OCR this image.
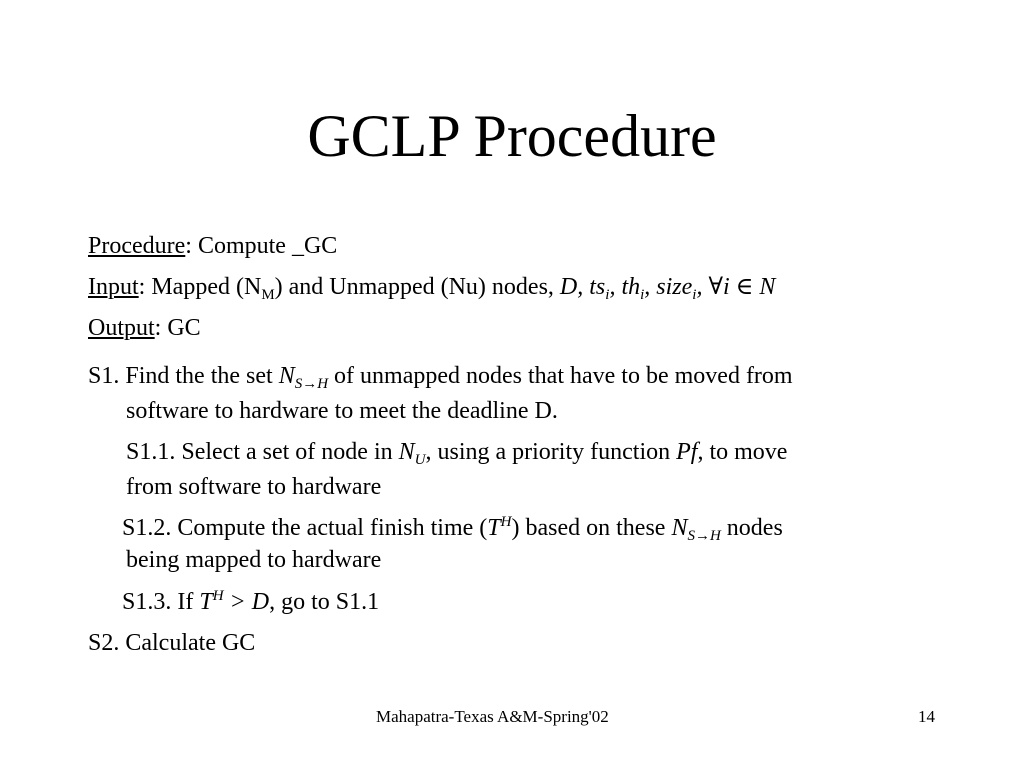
GCLP Procedure
Procedure: Compute _GC
Input: Mapped $(N_M)$ and Unmapped (Nu) nodes, D, $ts_i$, $th_i$, size$_i$, ∀i ∈ N
Output: GC
S1. Find the the set $N_{S\to H}$ of unmapped nodes that have to be moved from
software to hardware to meet the deadline D.
S1.1. Select a set of node in $N_U$, using a priority function Pf, to move
from software to hardware
S1.2. Compute the actual finish time $(T^H)$ based on these $N_{S\to H}$ nodes
being mapped to hardware
S1.3. If $T^H > D$, go to S1.1
S2. Calculate GC
Mahapatra-Texas A&M-Spring'02	14
